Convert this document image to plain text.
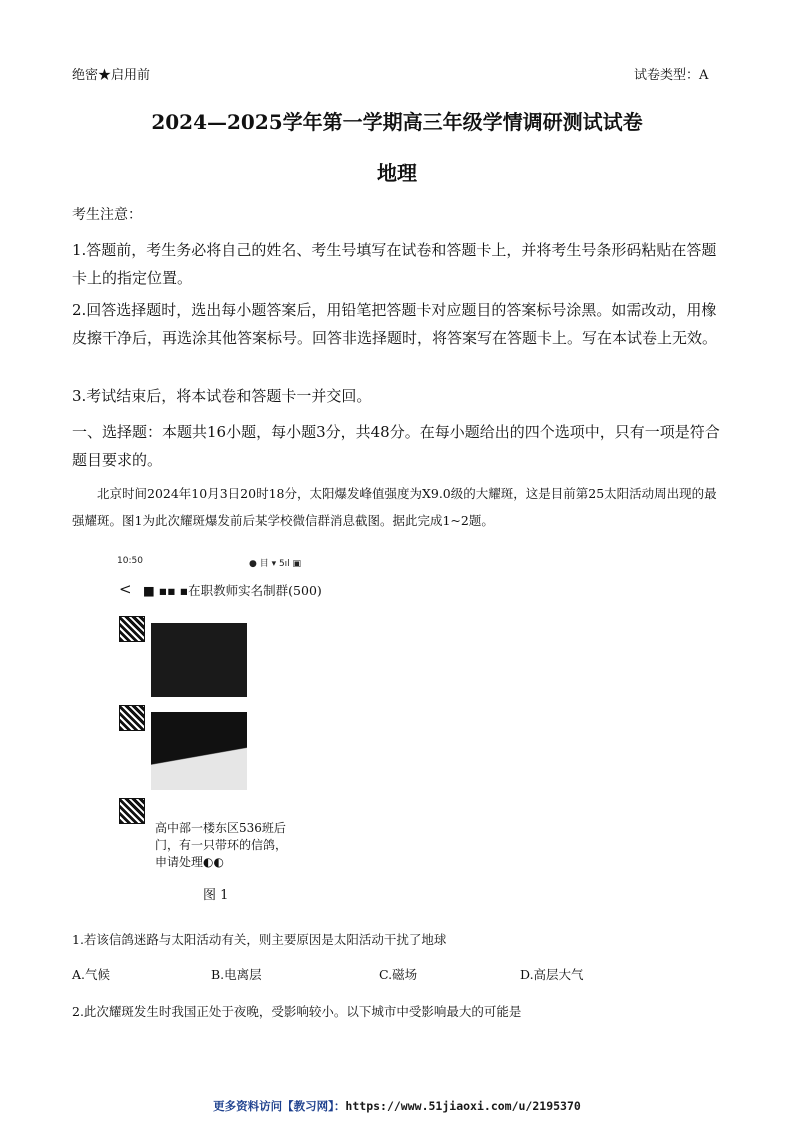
绝密★启用前	试卷类型：A
2024—2025学年第一学期高三年级学情调研测试试卷
地理
考生注意：
1.答题前，考生务必将自己的姓名、考生号填写在试卷和答题卡上，并将考生号条形码粘贴在答题卡上的指定位置。
2.回答选择题时，选出每小题答案后，用铅笔把答题卡对应题目的答案标号涂黑。如需改动，用橡皮擦干净后，再选涂其他答案标号。回答非选择题时，将答案写在答题卡上。写在本试卷上无效。
3.考试结束后，将本试卷和答题卡一并交回。
一、选择题：本题共16小题，每小题3分，共48分。在每小题给出的四个选项中，只有一项是符合题目要求的。
北京时间2024年10月3日20时18分，太阳爆发峰值强度为X9.0级的大耀斑，这是目前第25太阳活动周出现的最强耀斑。图1为此次耀斑爆发前后某学校微信群消息截图。据此完成1~2题。
10:50	● 目 ▾ 5ıl ▣
< ■ ▪▪ ▪在职教师实名制群(500)
高中部一楼东区536班后
门，有一只带环的信鸽，
申请处理◐◐
图 1
1.若该信鸽迷路与太阳活动有关，则主要原因是太阳活动干扰了地球
A.气候	B.电离层	C.磁场	D.高层大气
2.此次耀斑发生时我国正处于夜晚，受影响较小。以下城市中受影响最大的可能是
更多资料访问【教习网】：https://www.51jiaoxi.com/u/2195370
